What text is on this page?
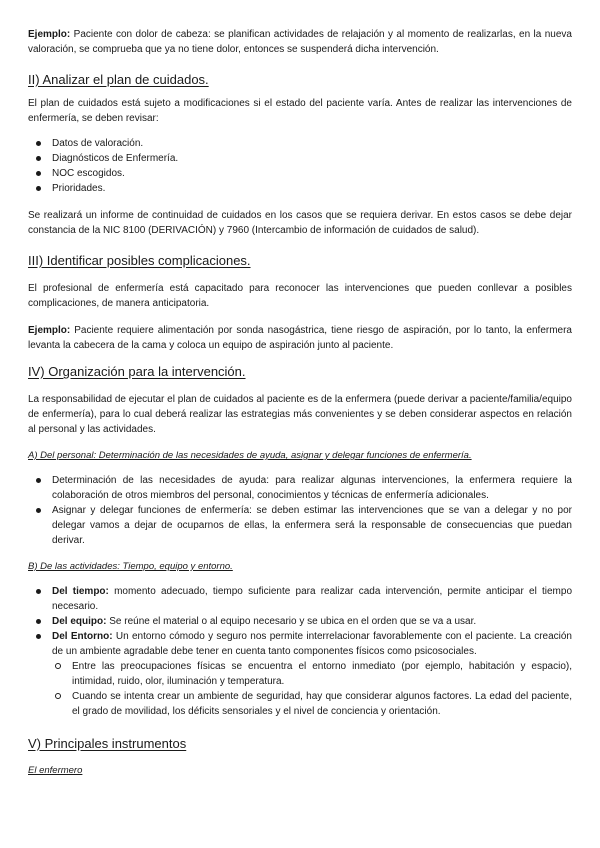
Ejemplo: Paciente con dolor de cabeza: se planifican actividades de relajación y al momento de realizarlas, en la nueva valoración, se comprueba que ya no tiene dolor, entonces se suspenderá dicha intervención.

II) Analizar el plan de cuidados.

El plan de cuidados está sujeto a modificaciones si el estado del paciente varía. Antes de realizar las intervenciones de enfermería, se deben revisar:

Datos de valoración.
Diagnósticos de Enfermería.
NOC escogidos.
Prioridades.

Se realizará un informe de continuidad de cuidados en los casos que se requiera derivar. En estos casos se debe dejar constancia de la NIC 8100 (DERIVACIÓN) y 7960 (Intercambio de información de cuidados de salud).

III) Identificar posibles complicaciones.

El profesional de enfermería está capacitado para reconocer las intervenciones que pueden conllevar a posibles complicaciones, de manera anticipatoria.

Ejemplo: Paciente requiere alimentación por sonda nasogástrica, tiene riesgo de aspiración, por lo tanto, la enfermera levanta la cabecera de la cama y coloca un equipo de aspiración junto al paciente.

IV) Organización para la intervención.

La responsabilidad de ejecutar el plan de cuidados al paciente es de la enfermera (puede derivar a paciente/familia/equipo de enfermería), para lo cual deberá realizar las estrategias más convenientes y se deben considerar aspectos en relación al personal y las actividades.

A) Del personal: Determinación de las necesidades de ayuda, asignar y delegar funciones de enfermería.
Determinación de las necesidades de ayuda: para realizar algunas intervenciones, la enfermera requiere la colaboración de otros miembros del personal, conocimientos y técnicas de enfermería adicionales.
Asignar y delegar funciones de enfermería: se deben estimar las intervenciones que se van a delegar y no por delegar vamos a dejar de ocuparnos de ellas, la enfermera será la responsable de consecuencias que puedan derivar.
B) De las actividades: Tiempo, equipo y entorno.
Del tiempo: momento adecuado, tiempo suficiente para realizar cada intervención, permite anticipar el tiempo necesario.
Del equipo: Se reúne el material o al equipo necesario y se ubica en el orden que se va a usar.
Del Entorno: Un entorno cómodo y seguro nos permite interrelacionar favorablemente con el paciente. La creación de un ambiente agradable debe tener en cuenta tanto componentes físicos como psicosociales.
Entre las preocupaciones físicas se encuentra el entorno inmediato (por ejemplo, habitación y espacio), intimidad, ruido, olor, iluminación y temperatura.
Cuando se intenta crear un ambiente de seguridad, hay que considerar algunos factores. La edad del paciente, el grado de movilidad, los déficits sensoriales y el nivel de conciencia y orientación.
V) Principales instrumentos
El enfermero
